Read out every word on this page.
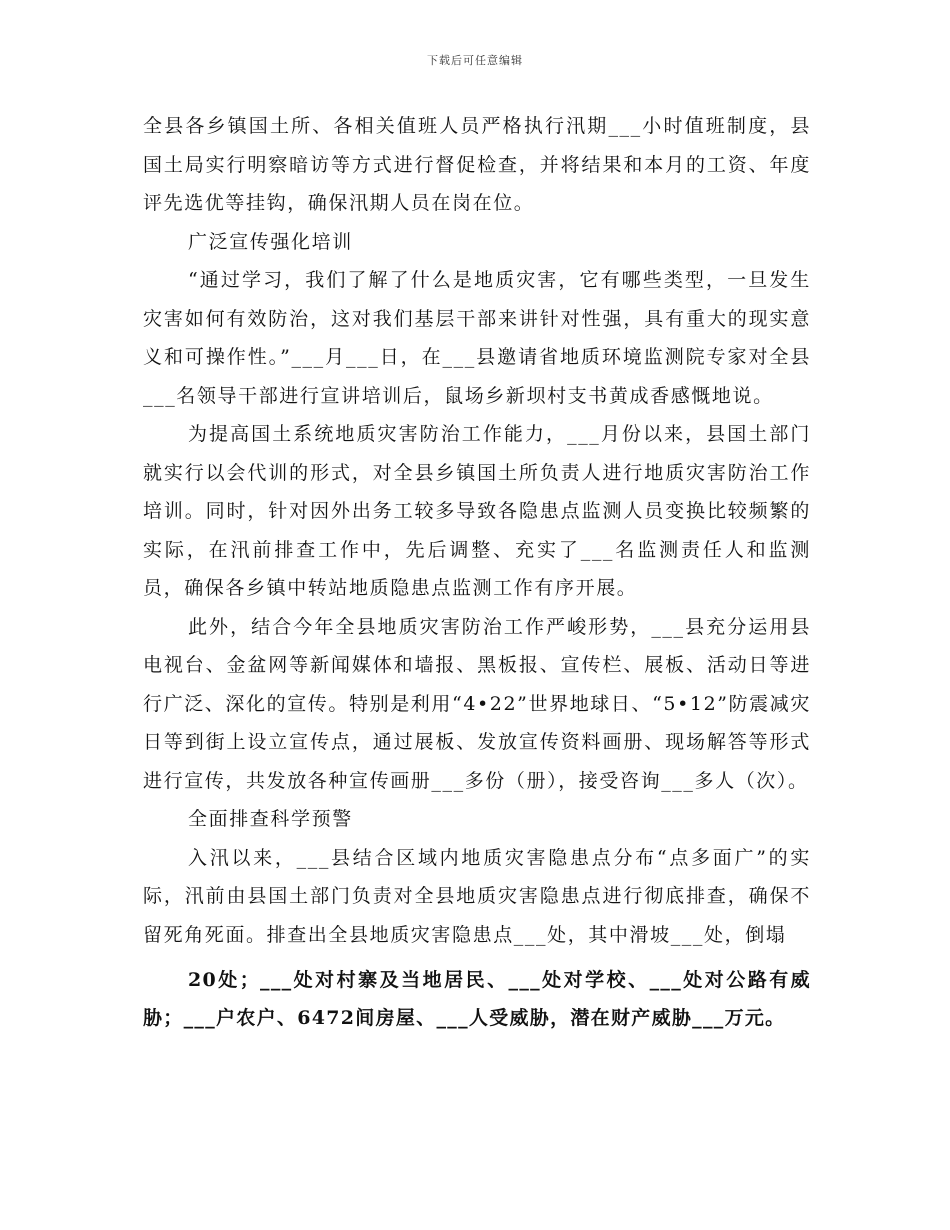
下载后可任意编辑

全县各乡镇国土所、各相关值班人员严格执行汛期___小时值班制度，县国土局实行明察暗访等方式进行督促检查，并将结果和本月的工资、年度评先选优等挂钩，确保汛期人员在岗在位。

广泛宣传强化培训

“通过学习，我们了解了什么是地质灾害，它有哪些类型，一旦发生灾害如何有效防治，这对我们基层干部来讲针对性强，具有重大的现实意义和可操作性。”___月___日，在___县邀请省地质环境监测院专家对全县___名领导干部进行宣讲培训后，鼠场乡新坝村支书黄成香感慨地说。

为提高国土系统地质灾害防治工作能力，___月份以来，县国土部门就实行以会代训的形式，对全县乡镇国土所负责人进行地质灾害防治工作培训。同时，针对因外出务工较多导致各隐患点监测人员变换比较频繁的实际，在汛前排查工作中，先后调整、充实了___名监测责任人和监测员，确保各乡镇中转站地质隐患点监测工作有序开展。

此外，结合今年全县地质灾害防治工作严峻形势，___县充分运用县电视台、金盆网等新闻媒体和墙报、黑板报、宣传栏、展板、活动日等进行广泛、深化的宣传。特别是利用“4•22”世界地球日、“5•12”防震减灾日等到街上设立宣传点，通过展板、发放宣传资料画册、现场解答等形式进行宣传，共发放各种宣传画册___多份（册），接受咨询___多人（次）。

全面排查科学预警

入汛以来，___县结合区域内地质灾害隐患点分布“点多面广”的实际，汛前由县国土部门负责对全县地质灾害隐患点进行彻底排查，确保不留死角死面。排查出全县地质灾害隐患点___处，其中滑坡___处，倒塌

20处；___处对村寨及当地居民、___处对学校、___处对公路有威胁；___户农户、6472间房屋、___人受威胁，潜在财产威胁___万元。
